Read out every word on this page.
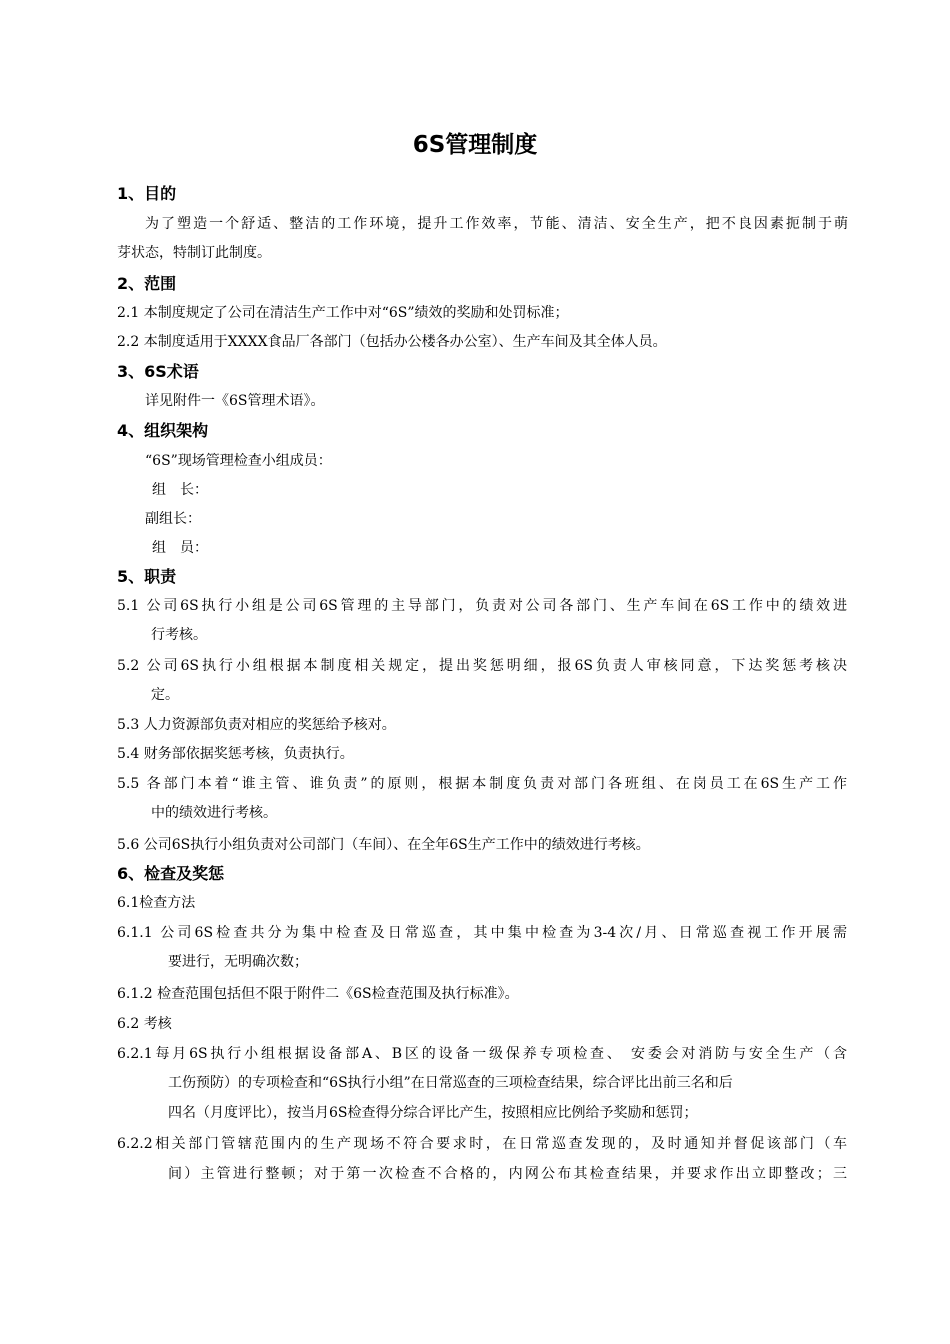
6S管理制度
1、目的
为了塑造一个舒适、整洁的工作环境，提升工作效率，节能、清洁、安全生产，把不良因素扼制于萌
芽状态，特制订此制度。
2、范围
2.1 本制度规定了公司在清洁生产工作中对“6S”绩效的奖励和处罚标准；
2.2 本制度适用于XXXX食品厂各部门（包括办公楼各办公室）、生产车间及其全体人员。
3、6S术语
详见附件一《6S管理术语》。
4、组织架构
“6S”现场管理检查小组成员：
组　长：
副组长：
组　员：
5、职责
5.1 公司6S执行小组是公司6S管理的主导部门，负责对公司各部门、生产车间在6S工作中的绩效进
行考核。
5.2 公司6S执行小组根据本制度相关规定，提出奖惩明细，报6S负责人审核同意，下达奖惩考核决
定。
5.3 人力资源部负责对相应的奖惩给予核对。
5.4 财务部依据奖惩考核，负责执行。
5.5 各部门本着“谁主管、谁负责”的原则，根据本制度负责对部门各班组、在岗员工在6S生产工作
中的绩效进行考核。
5.6 公司6S执行小组负责对公司部门（车间）、在全年6S生产工作中的绩效进行考核。
6、检查及奖惩
6.1检查方法
6.1.1 公司6S检查共分为集中检查及日常巡查，其中集中检查为3-4次/月、日常巡查视工作开展需
要进行，无明确次数；
6.1.2 检查范围包括但不限于附件二《6S检查范围及执行标准》。
6.2 考核
6.2.1每月6S执行小组根据设备部A、B区的设备一级保养专项检查、 安委会对消防与安全生产（含
工伤预防）的专项检查和“6S执行小组”在日常巡查的三项检查结果，综合评比出前三名和后
四名（月度评比），按当月6S检查得分综合评比产生，按照相应比例给予奖励和惩罚；
6.2.2相关部门管辖范围内的生产现场不符合要求时，在日常巡查发现的，及时通知并督促该部门（车
间）主管进行整顿；对于第一次检查不合格的，内网公布其检查结果，并要求作出立即整改；三
